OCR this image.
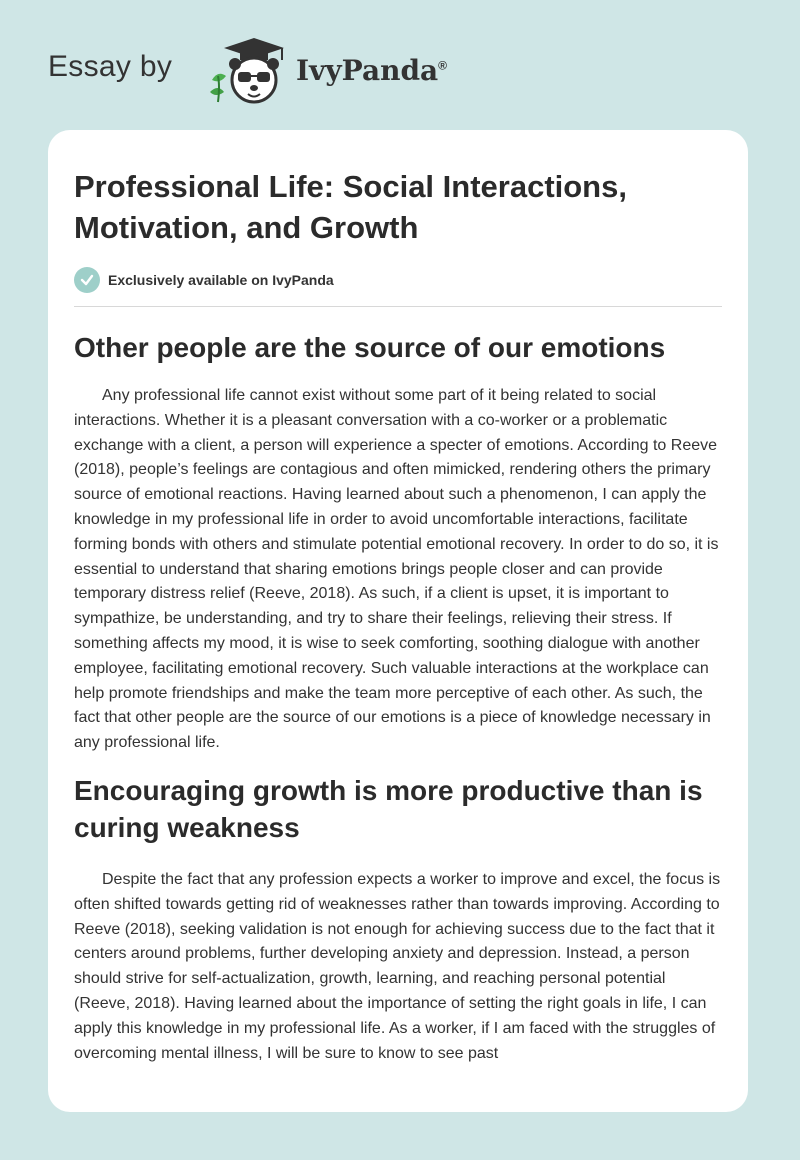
Essay by	IvyPanda®
Professional Life: Social Interactions, Motivation, and Growth
Exclusively available on IvyPanda
Other people are the source of our emotions

Any professional life cannot exist without some part of it being related to social interactions. Whether it is a pleasant conversation with a co-worker or a problematic exchange with a client, a person will experience a specter of emotions. According to Reeve (2018), people’s feelings are contagious and often mimicked, rendering others the primary source of emotional reactions. Having learned about such a phenomenon, I can apply the knowledge in my professional life in order to avoid uncomfortable interactions, facilitate forming bonds with others and stimulate potential emotional recovery. In order to do so, it is essential to understand that sharing emotions brings people closer and can provide temporary distress relief (Reeve, 2018). As such, if a client is upset, it is important to sympathize, be understanding, and try to share their feelings, relieving their stress. If something affects my mood, it is wise to seek comforting, soothing dialogue with another employee, facilitating emotional recovery. Such valuable interactions at the workplace can help promote friendships and make the team more perceptive of each other. As such, the fact that other people are the source of our emotions is a piece of knowledge necessary in any professional life.

Encouraging growth is more productive than is curing weakness

Despite the fact that any profession expects a worker to improve and excel, the focus is often shifted towards getting rid of weaknesses rather than towards improving. According to Reeve (2018), seeking validation is not enough for achieving success due to the fact that it centers around problems, further developing anxiety and depression. Instead, a person should strive for self-actualization, growth, learning, and reaching personal potential (Reeve, 2018). Having learned about the importance of setting the right goals in life, I can apply this knowledge in my professional life. As a worker, if I am faced with the struggles of overcoming mental illness, I will be sure to know to see past
